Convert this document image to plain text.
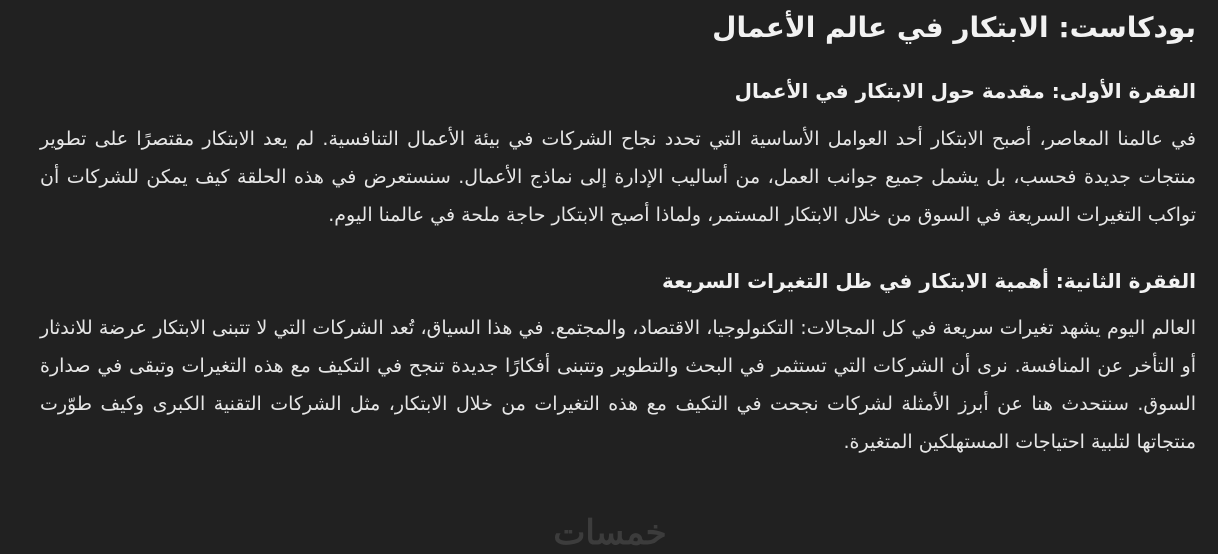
بودكاست: الابتكار في عالم الأعمال
الفقرة الأولى: مقدمة حول الابتكار في الأعمال

في عالمنا المعاصر، أصبح الابتكار أحد العوامل الأساسية التي تحدد نجاح الشركات في بيئة الأعمال التنافسية. لم يعد الابتكار مقتصرًا على تطوير منتجات جديدة فحسب، بل يشمل جميع جوانب العمل، من أساليب الإدارة إلى نماذج الأعمال. سنستعرض في هذه الحلقة كيف يمكن للشركات أن تواكب التغيرات السريعة في السوق من خلال الابتكار المستمر، ولماذا أصبح الابتكار حاجة ملحة في عالمنا اليوم.

الفقرة الثانية: أهمية الابتكار في ظل التغيرات السريعة

العالم اليوم يشهد تغيرات سريعة في كل المجالات: التكنولوجيا، الاقتصاد، والمجتمع. في هذا السياق، تُعد الشركات التي لا تتبنى الابتكار عرضة للاندثار أو التأخر عن المنافسة. نرى أن الشركات التي تستثمر في البحث والتطوير وتتبنى أفكارًا جديدة تنجح في التكيف مع هذه التغيرات وتبقى في صدارة السوق. سنتحدث هنا عن أبرز الأمثلة لشركات نجحت في التكيف مع هذه التغيرات من خلال الابتكار، مثل الشركات التقنية الكبرى وكيف طوّرت منتجاتها لتلبية احتياجات المستهلكين المتغيرة.

خمسات
